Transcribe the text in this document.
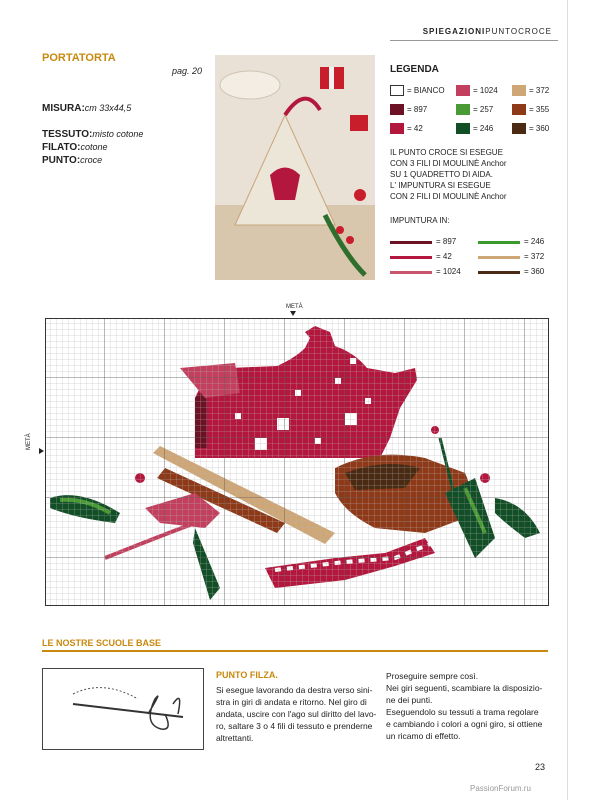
SPIEGAZIONIPUNTOCROCE
PORTATORTA
pag. 20
MISURA:cm 33x44,5
TESSUTO:misto cotone
FILATO:cotone
PUNTO:croce
LEGENDA
= BIANCO	= 1024	= 372
= 897	= 257	= 355
= 42	= 246	= 360
IL PUNTO CROCE SI ESEGUE
CON 3 FILI DI MOULINÈ Anchor
SU 1 QUADRETTO DI AIDA.
L' IMPUNTURA SI ESEGUE
CON 2 FILI DI MOULINÈ Anchor
IMPUNTURA IN:
= 897	= 246
= 42	= 372
= 1024	= 360
METÀ
METÀ
LE NOSTRE SCUOLE BASE
PUNTO FILZA.
Si esegue lavorando da destra verso sini-
stra in giri di andata e ritorno. Nel giro di
andata, uscire con l'ago sul diritto del lavo-
ro, saltare 3 o 4 fili di tessuto e prenderne
altrettanti.
Proseguire sempre così.
Nei giri seguenti, scambiare la disposizio-
ne dei punti.
Eseguendolo su tessuti a trama regolare
e cambiando i colori a ogni giro, si ottiene
un ricamo di effetto.
23
PassionForum.ru
